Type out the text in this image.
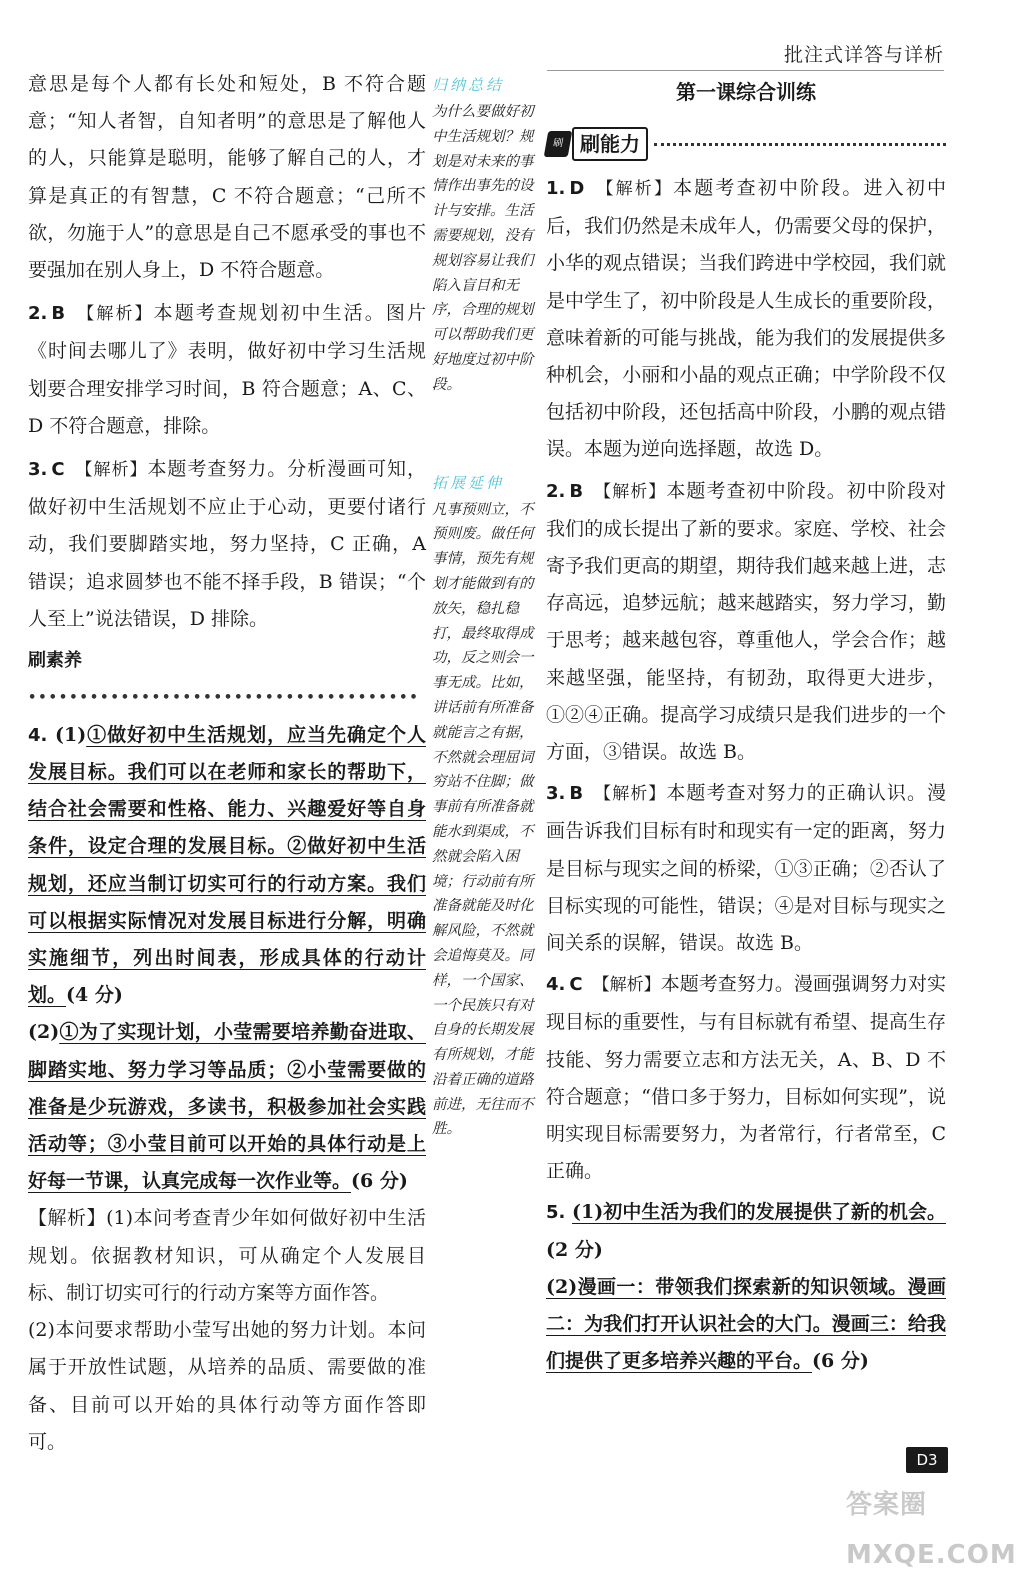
批注式详答与详析

意思是每个人都有长处和短处，B 不符合题意；“知人者智，自知者明”的意思是了解他人的人，只能算是聪明，能够了解自己的人，才算是真正的有智慧，C 不符合题意；“己所不欲，勿施于人”的意思是自己不愿承受的事也不要强加在别人身上，D 不符合题意。

2. B 【解析】本题考查规划初中生活。图片《时间去哪儿了》表明，做好初中学习生活规划要合理安排学习时间，B 符合题意；A、C、D 不符合题意，排除。

3. C 【解析】本题考查努力。分析漫画可知，做好初中生活规划不应止于心动，更要付诸行动，我们要脚踏实地，努力坚持，C 正确，A 错误；追求圆梦也不能不择手段，B 错误；“个人至上”说法错误，D 排除。

刷素养••••••••••••••••••••••••••••••••••••••

4. (1)①做好初中生活规划，应当先确定个人发展目标。我们可以在老师和家长的帮助下，结合社会需要和性格、能力、兴趣爱好等自身条件，设定合理的发展目标。②做好初中生活规划，还应当制订切实可行的行动方案。我们可以根据实际情况对发展目标进行分解，明确实施细节，列出时间表，形成具体的行动计划。(4 分)

(2)①为了实现计划，小莹需要培养勤奋进取、脚踏实地、努力学习等品质；②小莹需要做的准备是少玩游戏，多读书，积极参加社会实践活动等；③小莹目前可以开始的具体行动是上好每一节课，认真完成每一次作业等。(6 分)

【解析】(1)本问考查青少年如何做好初中生活规划。依据教材知识，可从确定个人发展目标、制订切实可行的行动方案等方面作答。

(2)本问要求帮助小莹写出她的努力计划。本问属于开放性试题，从培养的品质、需要做的准备、目前可以开始的具体行动等方面作答即可。

归纳总结
为什么要做好初中生活规划？规划是对未来的事情作出事先的设计与安排。生活需要规划，没有规划容易让我们陷入盲目和无序，合理的规划可以帮助我们更好地度过初中阶段。
拓展延伸
凡事预则立，不预则废。做任何事情，预先有规划才能做到有的放矢，稳扎稳打，最终取得成功，反之则会一事无成。比如，讲话前有所准备就能言之有据，不然就会理屈词穷站不住脚；做事前有所准备就能水到渠成，不然就会陷入困境；行动前有所准备就能及时化解风险，不然就会追悔莫及。同样，一个国家、一个民族只有对自身的长期发展有所规划，才能沿着正确的道路前进，无往而不胜。
第一课综合训练
刷 刷能力

1. D 【解析】本题考查初中阶段。进入初中后，我们仍然是未成年人，仍需要父母的保护，小华的观点错误；当我们跨进中学校园，我们就是中学生了，初中阶段是人生成长的重要阶段，意味着新的可能与挑战，能为我们的发展提供多种机会，小丽和小晶的观点正确；中学阶段不仅包括初中阶段，还包括高中阶段，小鹏的观点错误。本题为逆向选择题，故选 D。

2. B 【解析】本题考查初中阶段。初中阶段对我们的成长提出了新的要求。家庭、学校、社会寄予我们更高的期望，期待我们越来越上进，志存高远，追梦远航；越来越踏实，努力学习，勤于思考；越来越包容，尊重他人，学会合作；越来越坚强，能坚持，有韧劲，取得更大进步，①②④正确。提高学习成绩只是我们进步的一个方面，③错误。故选 B。

3. B 【解析】本题考查对努力的正确认识。漫画告诉我们目标有时和现实有一定的距离，努力是目标与现实之间的桥梁，①③正确；②否认了目标实现的可能性，错误；④是对目标与现实之间关系的误解，错误。故选 B。

4. C 【解析】本题考查努力。漫画强调努力对实现目标的重要性，与有目标就有希望、提高生存技能、努力需要立志和方法无关，A、B、D 不符合题意；“借口多于努力，目标如何实现”，说明实现目标需要努力，为者常行，行者常至，C 正确。

5. (1)初中生活为我们的发展提供了新的机会。 (2 分)

(2)漫画一：带领我们探索新的知识领域。漫画二：为我们打开认识社会的大门。漫画三：给我们提供了更多培养兴趣的平台。(6 分)

D3
答案圈 MXQE.COM
